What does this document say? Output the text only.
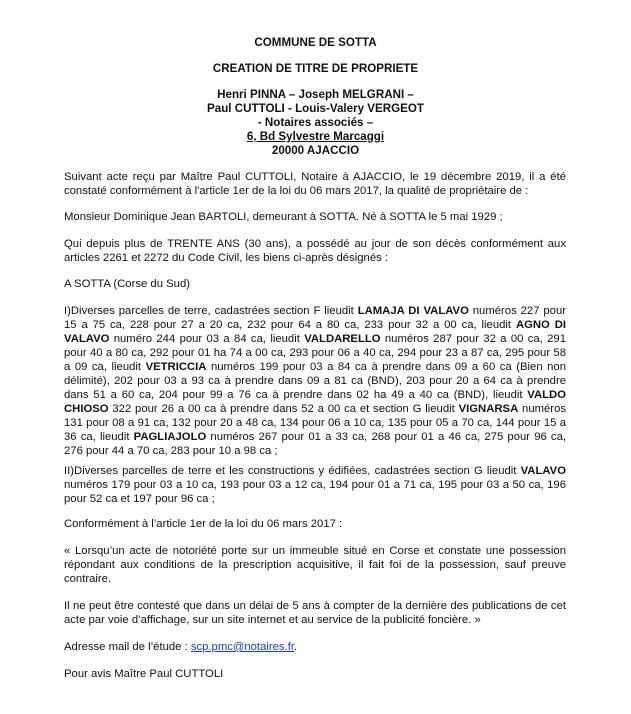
COMMUNE DE SOTTA
CREATION DE TITRE DE PROPRIETE
Henri PINNA – Joseph MELGRANI –
Paul CUTTOLI - Louis-Valery VERGEOT
- Notaires associés –
6, Bd Sylvestre Marcaggi
20000 AJACCIO
Suivant acte reçu par Maître Paul CUTTOLI, Notaire à AJACCIO, le 19 décembre 2019, il a été constaté conformément à l'article 1er de la loi du 06 mars 2017, la qualité de propriétaire de :
Monsieur Dominique Jean BARTOLI, demeurant à SOTTA. Né à SOTTA le 5 mai 1929 ;
Qui depuis plus de TRENTE ANS (30 ans), a possédé au jour de son décès conformément aux articles 2261 et 2272 du Code Civil, les biens ci-après désignés :
A SOTTA (Corse du Sud)
I)Diverses parcelles de terre, cadastrées section F lieudit LAMAJA DI VALAVO numéros 227 pour 15 a 75 ca, 228 pour 27 a 20 ca, 232 pour 64 a 80 ca, 233 pour 32 a 00 ca, lieudit AGNO DI VALAVO numéro 244 pour 03 a 84 ca, lieudit VALDARELLO numéros 287 pour 32 a 00 ca, 291 pour 40 a 80 ca, 292 pour 01 ha 74 a 00 ca, 293 pour 06 a 40 ca, 294 pour 23 a 87 ca, 295 pour 58 a 09 ca, lieudit VETRICCIA numéros 199 pour 03 a 84 ca à prendre dans 09 a 60 ca (Bien non délimité), 202 pour 03 a 93 ca à prendre dans 09 a 81 ca (BND), 203 pour 20 a 64 ca à prendre dans 51 a 60 ca, 204 pour 99 a 76 ca à prendre dans 02 ha 49 a 40 ca (BND), lieudit VALDO CHIOSO 322 pour 26 a 00 ca à prendre dans 52 a 00 ca et section G lieudit VIGNARSA numéros 131 pour 08 a 91 ca, 132 pour 20 a 48 ca, 134 pour 06 a 10 ca, 135 pour 05 a 70 ca, 144 pour 15 a 36 ca, lieudit PAGLIAJOLO numéros 267 pour 01 a 33 ca, 268 pour 01 a 46 ca, 275 pour 96 ca, 276 pour 44 a 70 ca, 283 pour 10 a 98 ca ;
II)Diverses parcelles de terre et les constructions y édifiées, cadastrées section G lieudit VALAVO numéros 179 pour 03 a 10 ca, 193 pour 03 a 12 ca, 194 pour 01 a 71 ca, 195 pour 03 a 50 ca, 196 pour 52 ca et 197 pour 96 ca ;
Conformément à l’article 1er de la loi du 06 mars 2017 :
« Lorsqu’un acte de notoriété porte sur un immeuble situé en Corse et constate une possession répondant aux conditions de la prescription acquisitive, il fait foi de la possession, sauf preuve contraire.
Il ne peut être contesté que dans un délai de 5 ans à compter de la dernière des publications de cet acte par voie d’affichage, sur un site internet et au service de la publicité foncière. »
Adresse mail de l’étude : scp.pmc@notaires.fr.
Pour avis Maître Paul CUTTOLI
